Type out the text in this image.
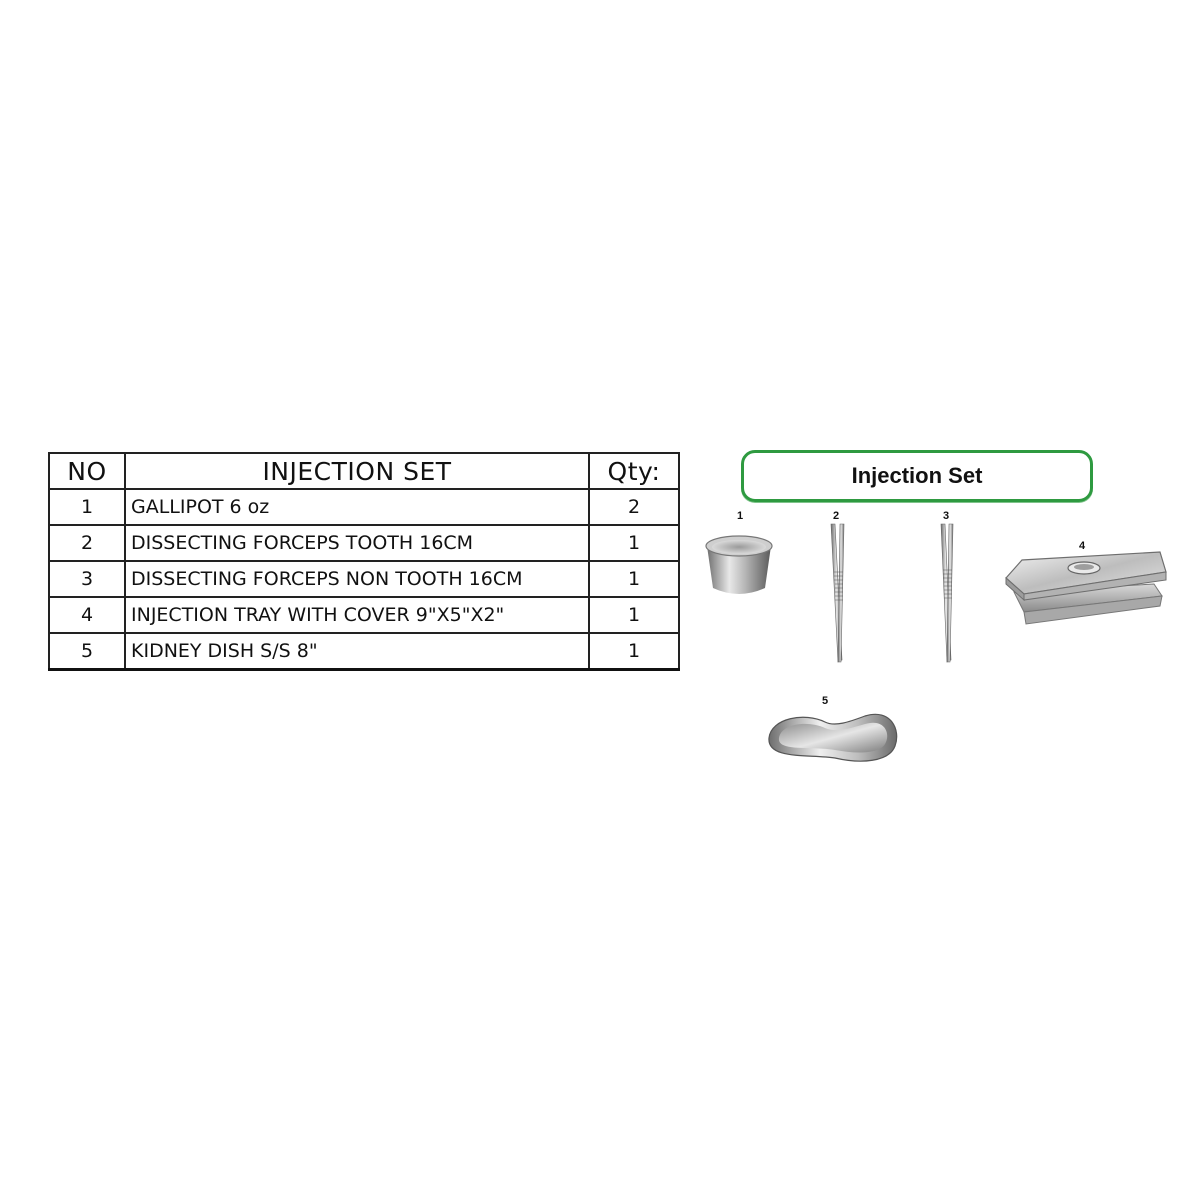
NO	INJECTION SET	Qty:
1	GALLIPOT 6 oz	2
2	DISSECTING FORCEPS TOOTH 16CM	1
3	DISSECTING FORCEPS NON TOOTH 16CM	1
4	INJECTION TRAY WITH COVER 9"X5"X2"	1
5	KIDNEY DISH S/S 8"	1
Injection Set
1	2	3
4
5
